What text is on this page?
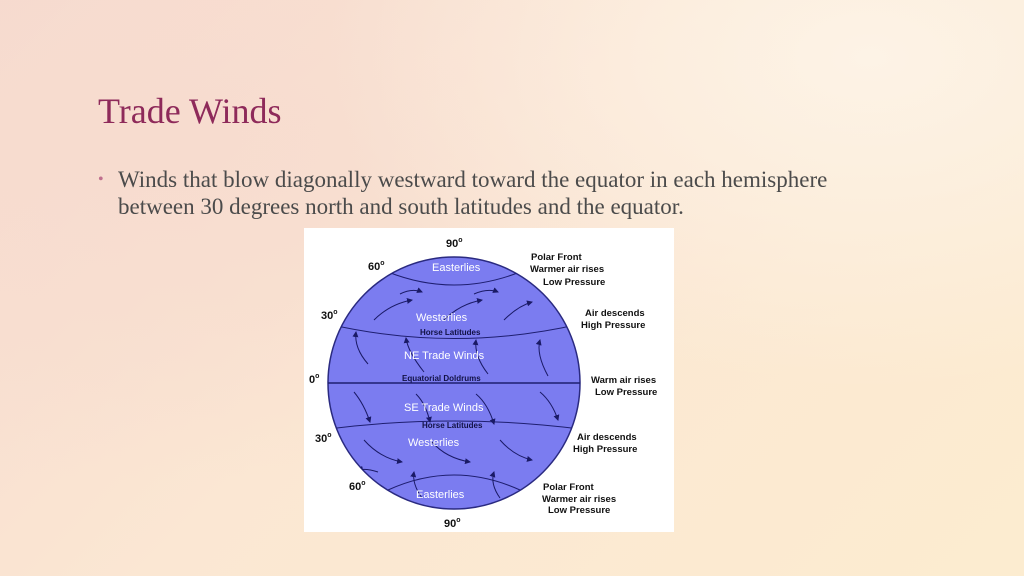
Trade Winds
• Winds that blow diagonally westward toward the equator in each hemisphere between 30 degrees north and south latitudes and the equator.
Easterlies
Westerlies
NE Trade Winds
SE Trade Winds
Westerlies
Easterlies
Horse Latitudes
Equatorial Doldrums
Horse Latitudes
90$^o$
60$^o$
30$^o$
0$^o$
30$^o$
60$^o$
90$^o$
Polar Front Warmer air rises Low Pressure
Air descends High Pressure
Warm air rises Low Pressure
Air descends High Pressure
Polar Front Warmer air rises Low Pressure
